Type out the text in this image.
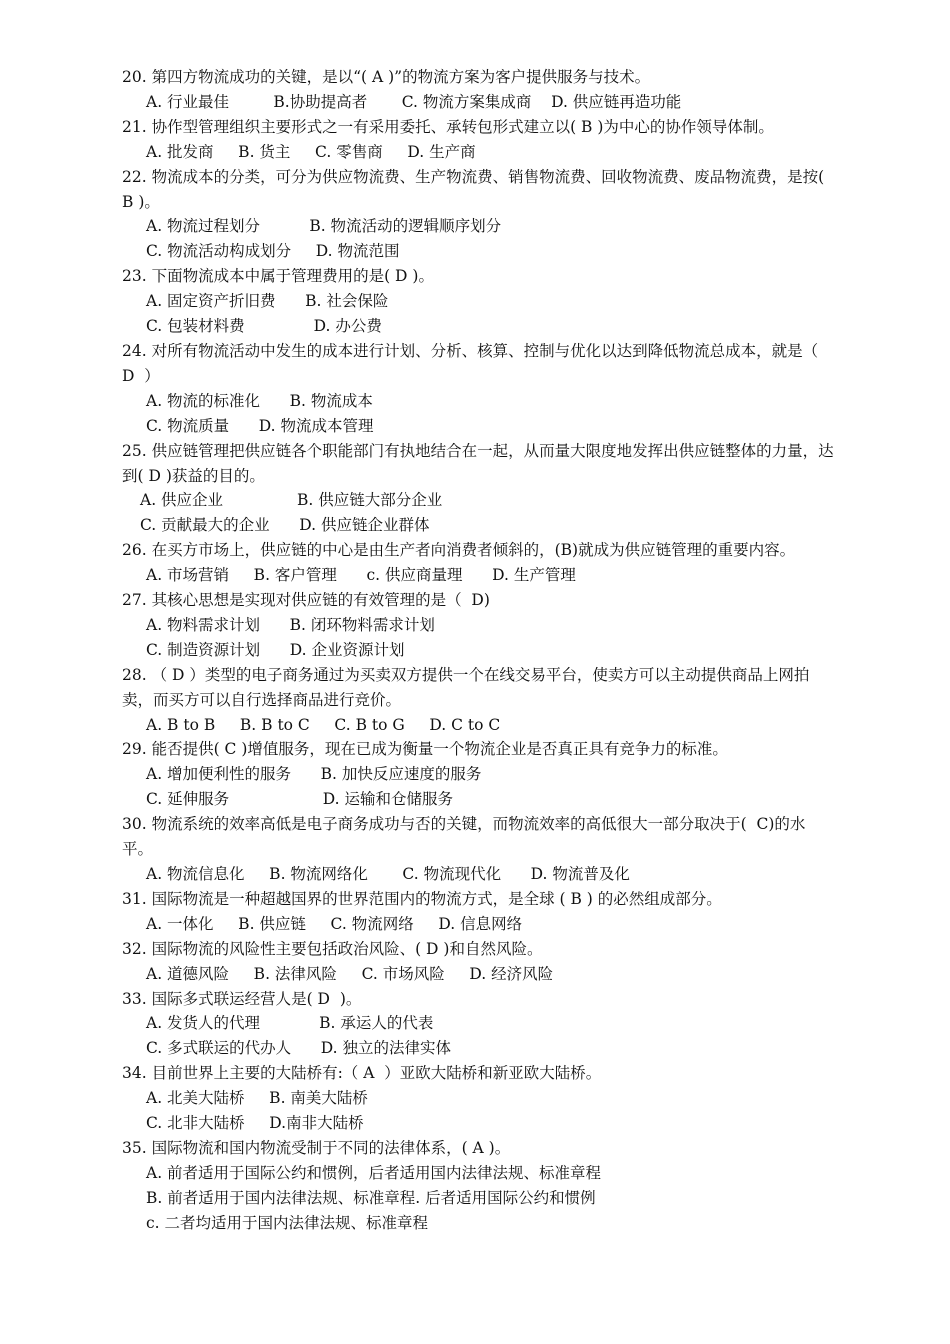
20. 第四方物流成功的关键，是以“( A )”的物流方案为客户提供服务与技术。
A. 行业最佳         B.协助提高者       C. 物流方案集成商    D. 供应链再造功能
21. 协作型管理组织主要形式之一有采用委托、承转包形式建立以( B )为中心的协作领导体制。
A. 批发商     B. 货主     C. 零售商     D. 生产商
22. 物流成本的分类，可分为供应物流费、生产物流费、销售物流费、回收物流费、废品物流费，是按( B )。
A. 物流过程划分          B. 物流活动的逻辑顺序划分
C. 物流活动构成划分     D. 物流范围
23. 下面物流成本中属于管理费用的是( D )。
A. 固定资产折旧费      B. 社会保险
C. 包装材料费              D. 办公费
24. 对所有物流活动中发生的成本进行计划、分析、核算、控制与优化以达到降低物流总成本，就是（   D  ）
A. 物流的标准化      B. 物流成本
C. 物流质量      D. 物流成本管理
25. 供应链管理把供应链各个职能部门有执地结合在一起，从而量大限度地发挥出供应链整体的力量，达到( D )获益的目的。
A. 供应企业               B. 供应链大部分企业
C. 贡献最大的企业      D. 供应链企业群体
26. 在买方市场上，供应链的中心是由生产者向消费者倾斜的，(B)就成为供应链管理的重要内容。
A. 市场营销     B. 客户管理      c. 供应商量理      D. 生产管理
27. 其核心思想是实现对供应链的有效管理的是（  D)
A. 物料需求计划      B. 闭环物料需求计划
C. 制造资源计划      D. 企业资源计划
28. （ D ）类型的电子商务通过为买卖双方提供一个在线交易平台，使卖方可以主动提供商品上网拍卖，而买方可以自行选择商品进行竞价。
A. B to B     B. B to C     C. B to G     D. C to C
29. 能否提供( C )增值服务，现在已成为衡量一个物流企业是否真正具有竞争力的标准。
A. 增加便利性的服务      B. 加快反应速度的服务
C. 延伸服务                   D. 运输和仓储服务
30. 物流系统的效率高低是电子商务成功与否的关键，而物流效率的高低很大一部分取决于(  C)的水平。
A. 物流信息化     B. 物流网络化       C. 物流现代化      D. 物流普及化
31. 国际物流是一种超越国界的世界范围内的物流方式，是全球 ( B ) 的必然组成部分。
A. 一体化     B. 供应链     C. 物流网络     D. 信息网络
32. 国际物流的风险性主要包括政治风险、( D )和自然风险。
A. 道德风险     B. 法律风险     C. 市场风险     D. 经济风险
33. 国际多式联运经营人是( D  )。
A. 发货人的代理            B. 承运人的代表
C. 多式联运的代办人      D. 独立的法律实体
34. 目前世界上主要的大陆桥有:（ A  ）亚欧大陆桥和新亚欧大陆桥。
A. 北美大陆桥     B. 南美大陆桥
C. 北非大陆桥     D.南非大陆桥
35. 国际物流和国内物流受制于不同的法律体系，( A )。
A. 前者适用于国际公约和惯例，后者适用国内法律法规、标准章程
B. 前者适用于国内法律法规、标准章程. 后者适用国际公约和惯例
c. 二者均适用于国内法律法规、标准章程
